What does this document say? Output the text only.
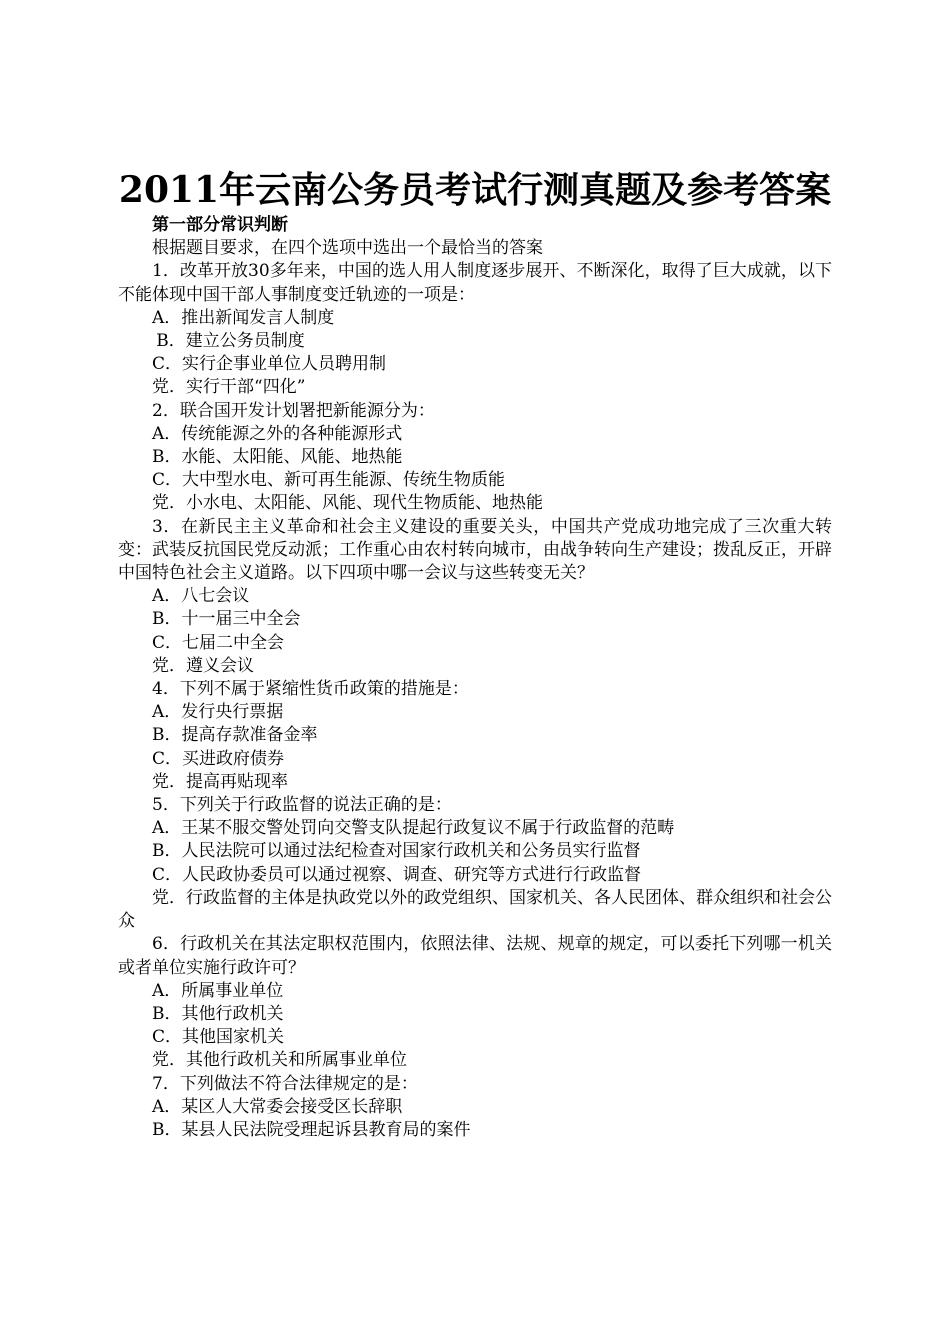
2011年云南公务员考试行测真题及参考答案

第一部分常识判断

根据题目要求，在四个选项中选出一个最恰当的答案

1．改革开放30多年来，中国的选人用人制度逐步展开、不断深化，取得了巨大成就，以下不能体现中国干部人事制度变迁轨迹的一项是：

A．推出新闻发言人制度

B．建立公务员制度

C．实行企事业单位人员聘用制

党．实行干部“四化”

2．联合国开发计划署把新能源分为：

A．传统能源之外的各种能源形式

B．水能、太阳能、风能、地热能

C．大中型水电、新可再生能源、传统生物质能

党．小水电、太阳能、风能、现代生物质能、地热能

3．在新民主主义革命和社会主义建设的重要关头，中国共产党成功地完成了三次重大转变：武装反抗国民党反动派；工作重心由农村转向城市，由战争转向生产建设；拨乱反正，开辟中国特色社会主义道路。以下四项中哪一会议与这些转变无关？

A．八七会议

B．十一届三中全会

C．七届二中全会

党．遵义会议

4．下列不属于紧缩性货币政策的措施是：

A．发行央行票据

B．提高存款准备金率

C．买进政府债券

党．提高再贴现率

5．下列关于行政监督的说法正确的是：

A．王某不服交警处罚向交警支队提起行政复议不属于行政监督的范畴

B．人民法院可以通过法纪检查对国家行政机关和公务员实行监督

C．人民政协委员可以通过视察、调查、研究等方式进行行政监督

党．行政监督的主体是执政党以外的政党组织、国家机关、各人民团体、群众组织和社会公众

6．行政机关在其法定职权范围内，依照法律、法规、规章的规定，可以委托下列哪一机关或者单位实施行政许可？

A．所属事业单位

B．其他行政机关

C．其他国家机关

党．其他行政机关和所属事业单位

7．下列做法不符合法律规定的是：

A．某区人大常委会接受区长辞职

B．某县人民法院受理起诉县教育局的案件
